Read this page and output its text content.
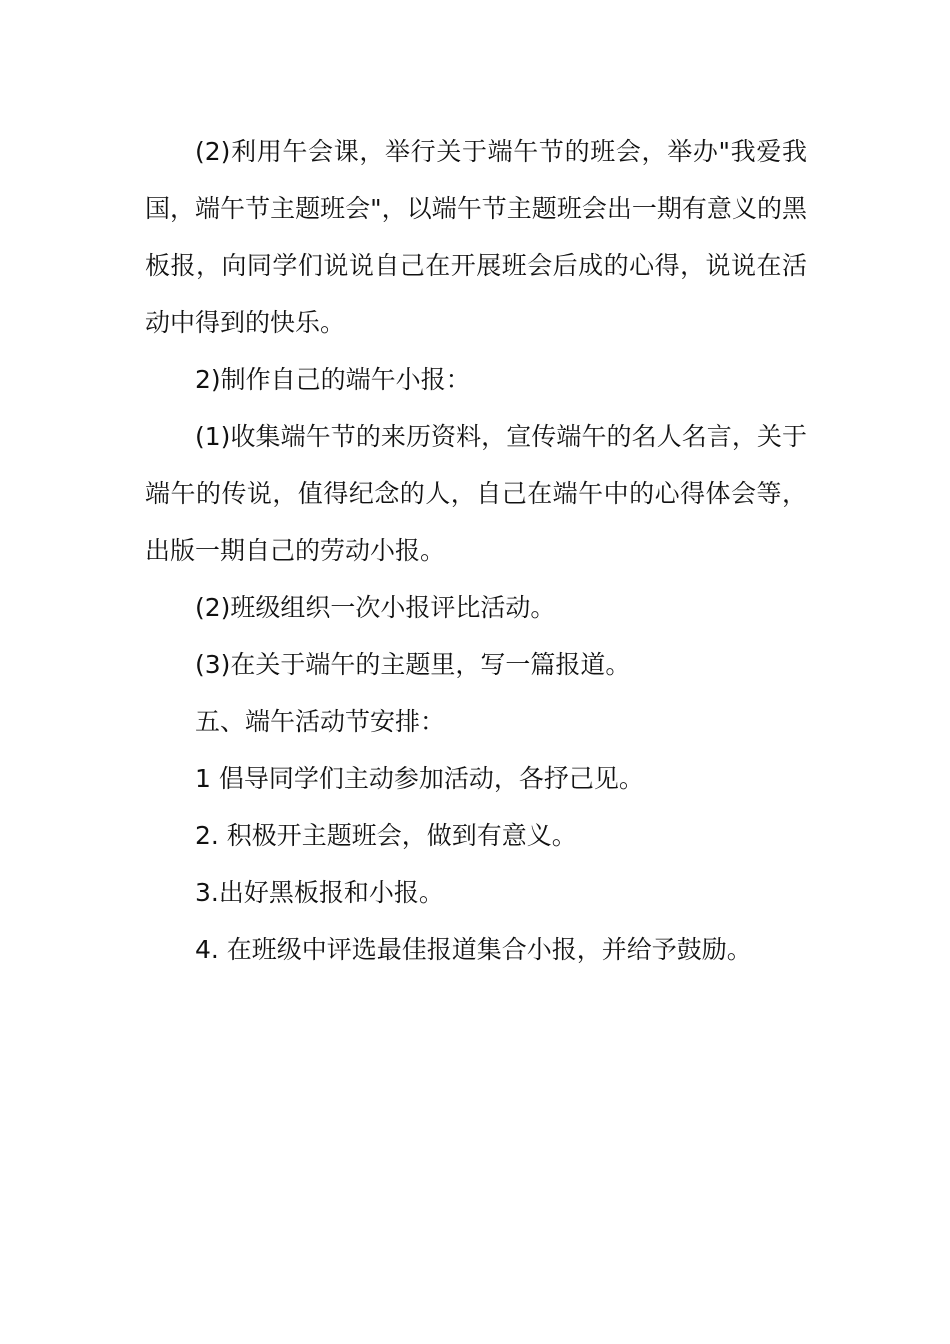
(2)利用午会课，举行关于端午节的班会，举办"我爱我国，端午节主题班会"，以端午节主题班会出一期有意义的黑板报，向同学们说说自己在开展班会后成的心得，说说在活动中得到的快乐。

2)制作自己的端午小报：

(1)收集端午节的来历资料，宣传端午的名人名言，关于端午的传说，值得纪念的人，自己在端午中的心得体会等，出版一期自己的劳动小报。

(2)班级组织一次小报评比活动。

(3)在关于端午的主题里，写一篇报道。

五、端午活动节安排：

1 倡导同学们主动参加活动，各抒己见。

2. 积极开主题班会，做到有意义。

3.出好黑板报和小报。

4. 在班级中评选最佳报道集合小报，并给予鼓励。
